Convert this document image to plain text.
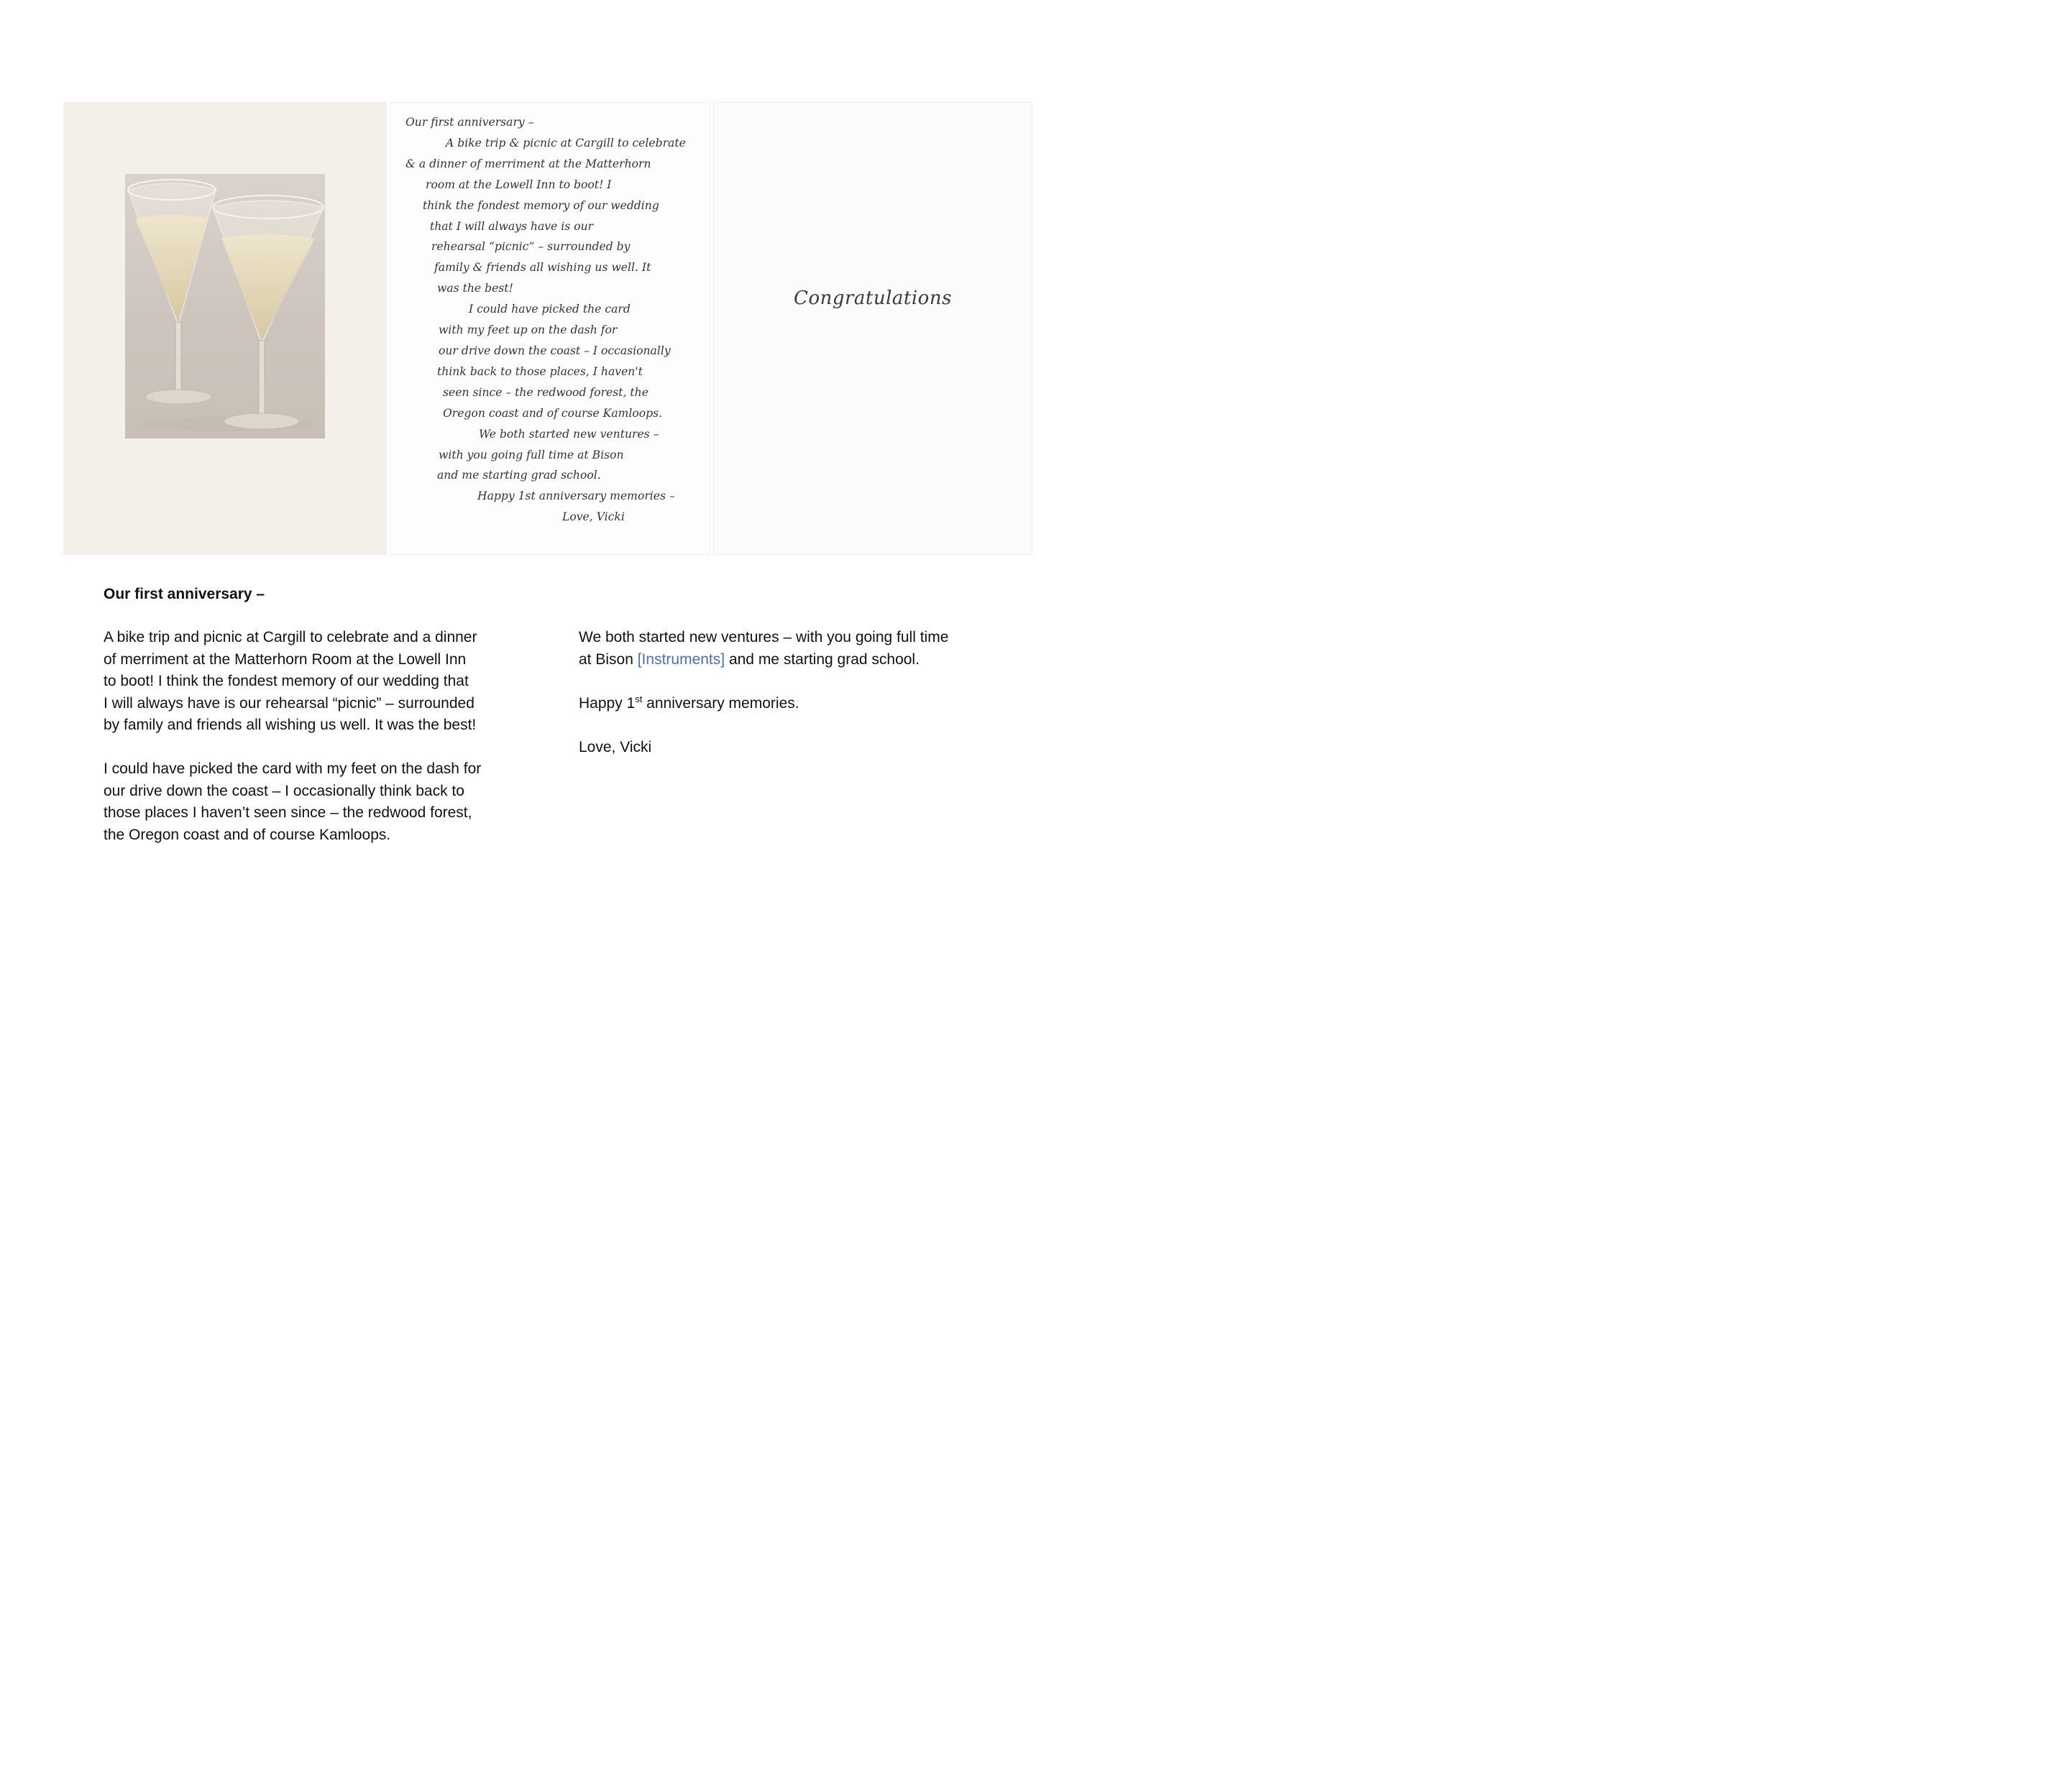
Our first anniversary –
A bike trip & picnic at Cargill to celebrate
& a dinner of merriment at the Matterhorn
room at the Lowell Inn to boot! I
think the fondest memory of our wedding
that I will always have is our
rehearsal “picnic” – surrounded by
family & friends all wishing us well. It
was the best!
I could have picked the card
with my feet up on the dash for
our drive down the coast – I occasionally
think back to those places, I haven't
seen since – the redwood forest, the
Oregon coast and of course Kamloops.
We both started new ventures –
with you going full time at Bison
and me starting grad school.
Happy 1st anniversary memories –
Love, Vicki
Congratulations
Our first anniversary –
A bike trip and picnic at Cargill to celebrate and a dinner
of merriment at the Matterhorn Room at the Lowell Inn
to boot! I think the fondest memory of our wedding that
I will always have is our rehearsal “picnic” – surrounded
by family and friends all wishing us well. It was the best!
I could have picked the card with my feet on the dash for
our drive down the coast – I occasionally think back to
those places I haven’t seen since – the redwood forest,
the Oregon coast and of course Kamloops.
We both started new ventures – with you going full time
at Bison [Instruments] and me starting grad school.
Happy 1st anniversary memories.
Love, Vicki
